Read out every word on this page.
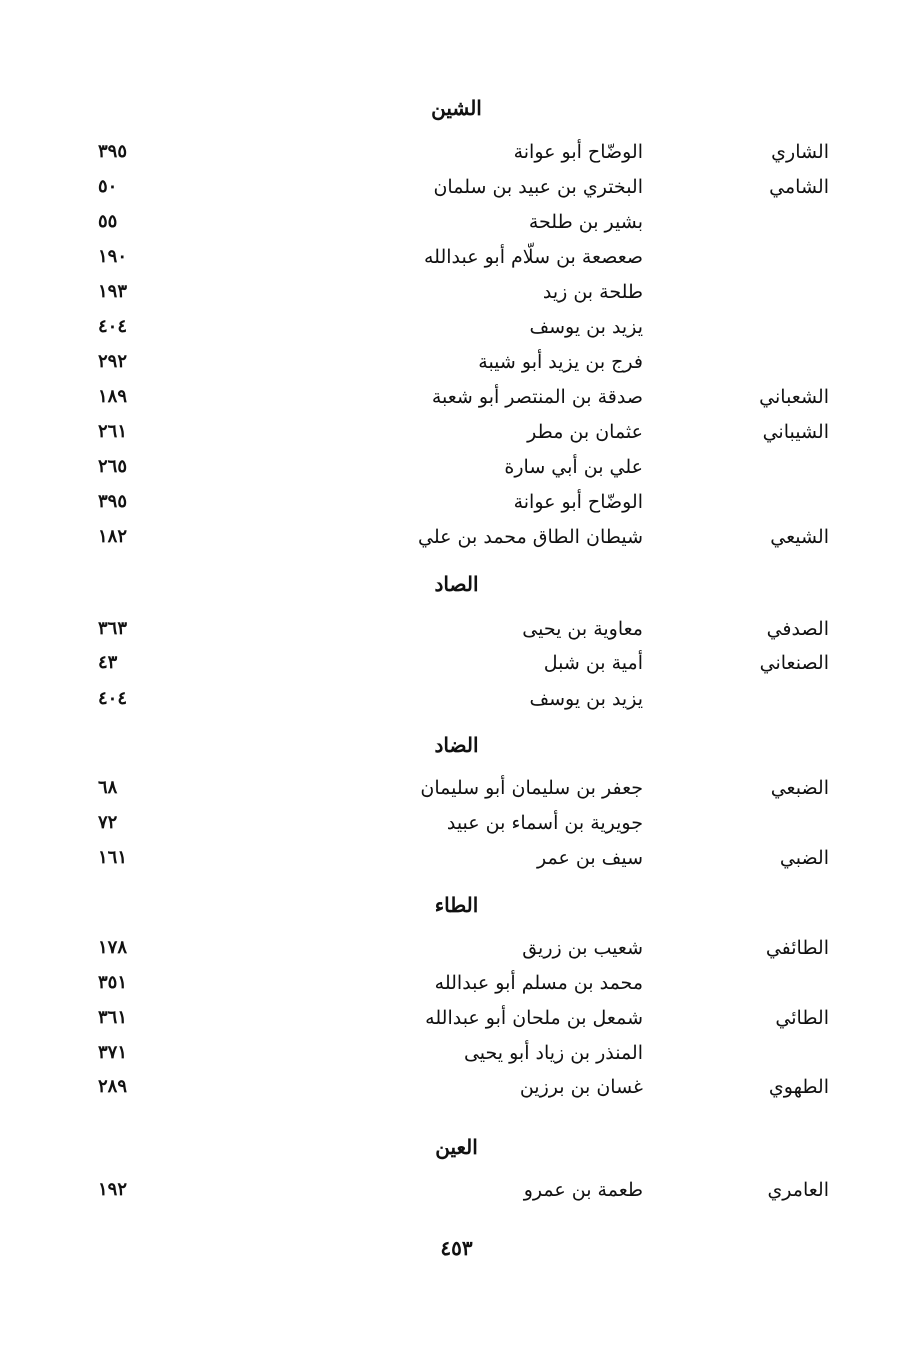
الشين
الشاري
الوضّاح أبو عوانة
٣٩٥
الشامي
البختري بن عبيد بن سلمان
٥٠
بشير بن طلحة
٥٥
صعصعة بن سلّام أبو عبدالله
١٩٠
طلحة بن زيد
١٩٣
يزيد بن يوسف
٤٠٤
فرج بن يزيد أبو شيبة
٢٩٢
الشعباني
صدقة بن المنتصر أبو شعبة
١٨٩
الشيباني
عثمان بن مطر
٢٦١
علي بن أبي سارة
٢٦٥
الوضّاح أبو عوانة
٣٩٥
الشيعي
شيطان الطاق محمد بن علي
١٨٢
الصاد
الصدفي
معاوية بن يحيى
٣٦٣
الصنعاني
أمية بن شبل
٤٣
يزيد بن يوسف
٤٠٤
الضاد
الضبعي
جعفر بن سليمان أبو سليمان
٦٨
جويرية بن أسماء بن عبيد
٧٢
الضبي
سيف بن عمر
١٦١
الطاء
الطائفي
شعيب بن زريق
١٧٨
محمد بن مسلم أبو عبدالله
٣٥١
الطائي
شمعل بن ملحان أبو عبدالله
٣٦١
المنذر بن زياد أبو يحيى
٣٧١
الطهوي
غسان بن برزين
٢٨٩
العين
العامري
طعمة بن عمرو
١٩٢
٤٥٣
